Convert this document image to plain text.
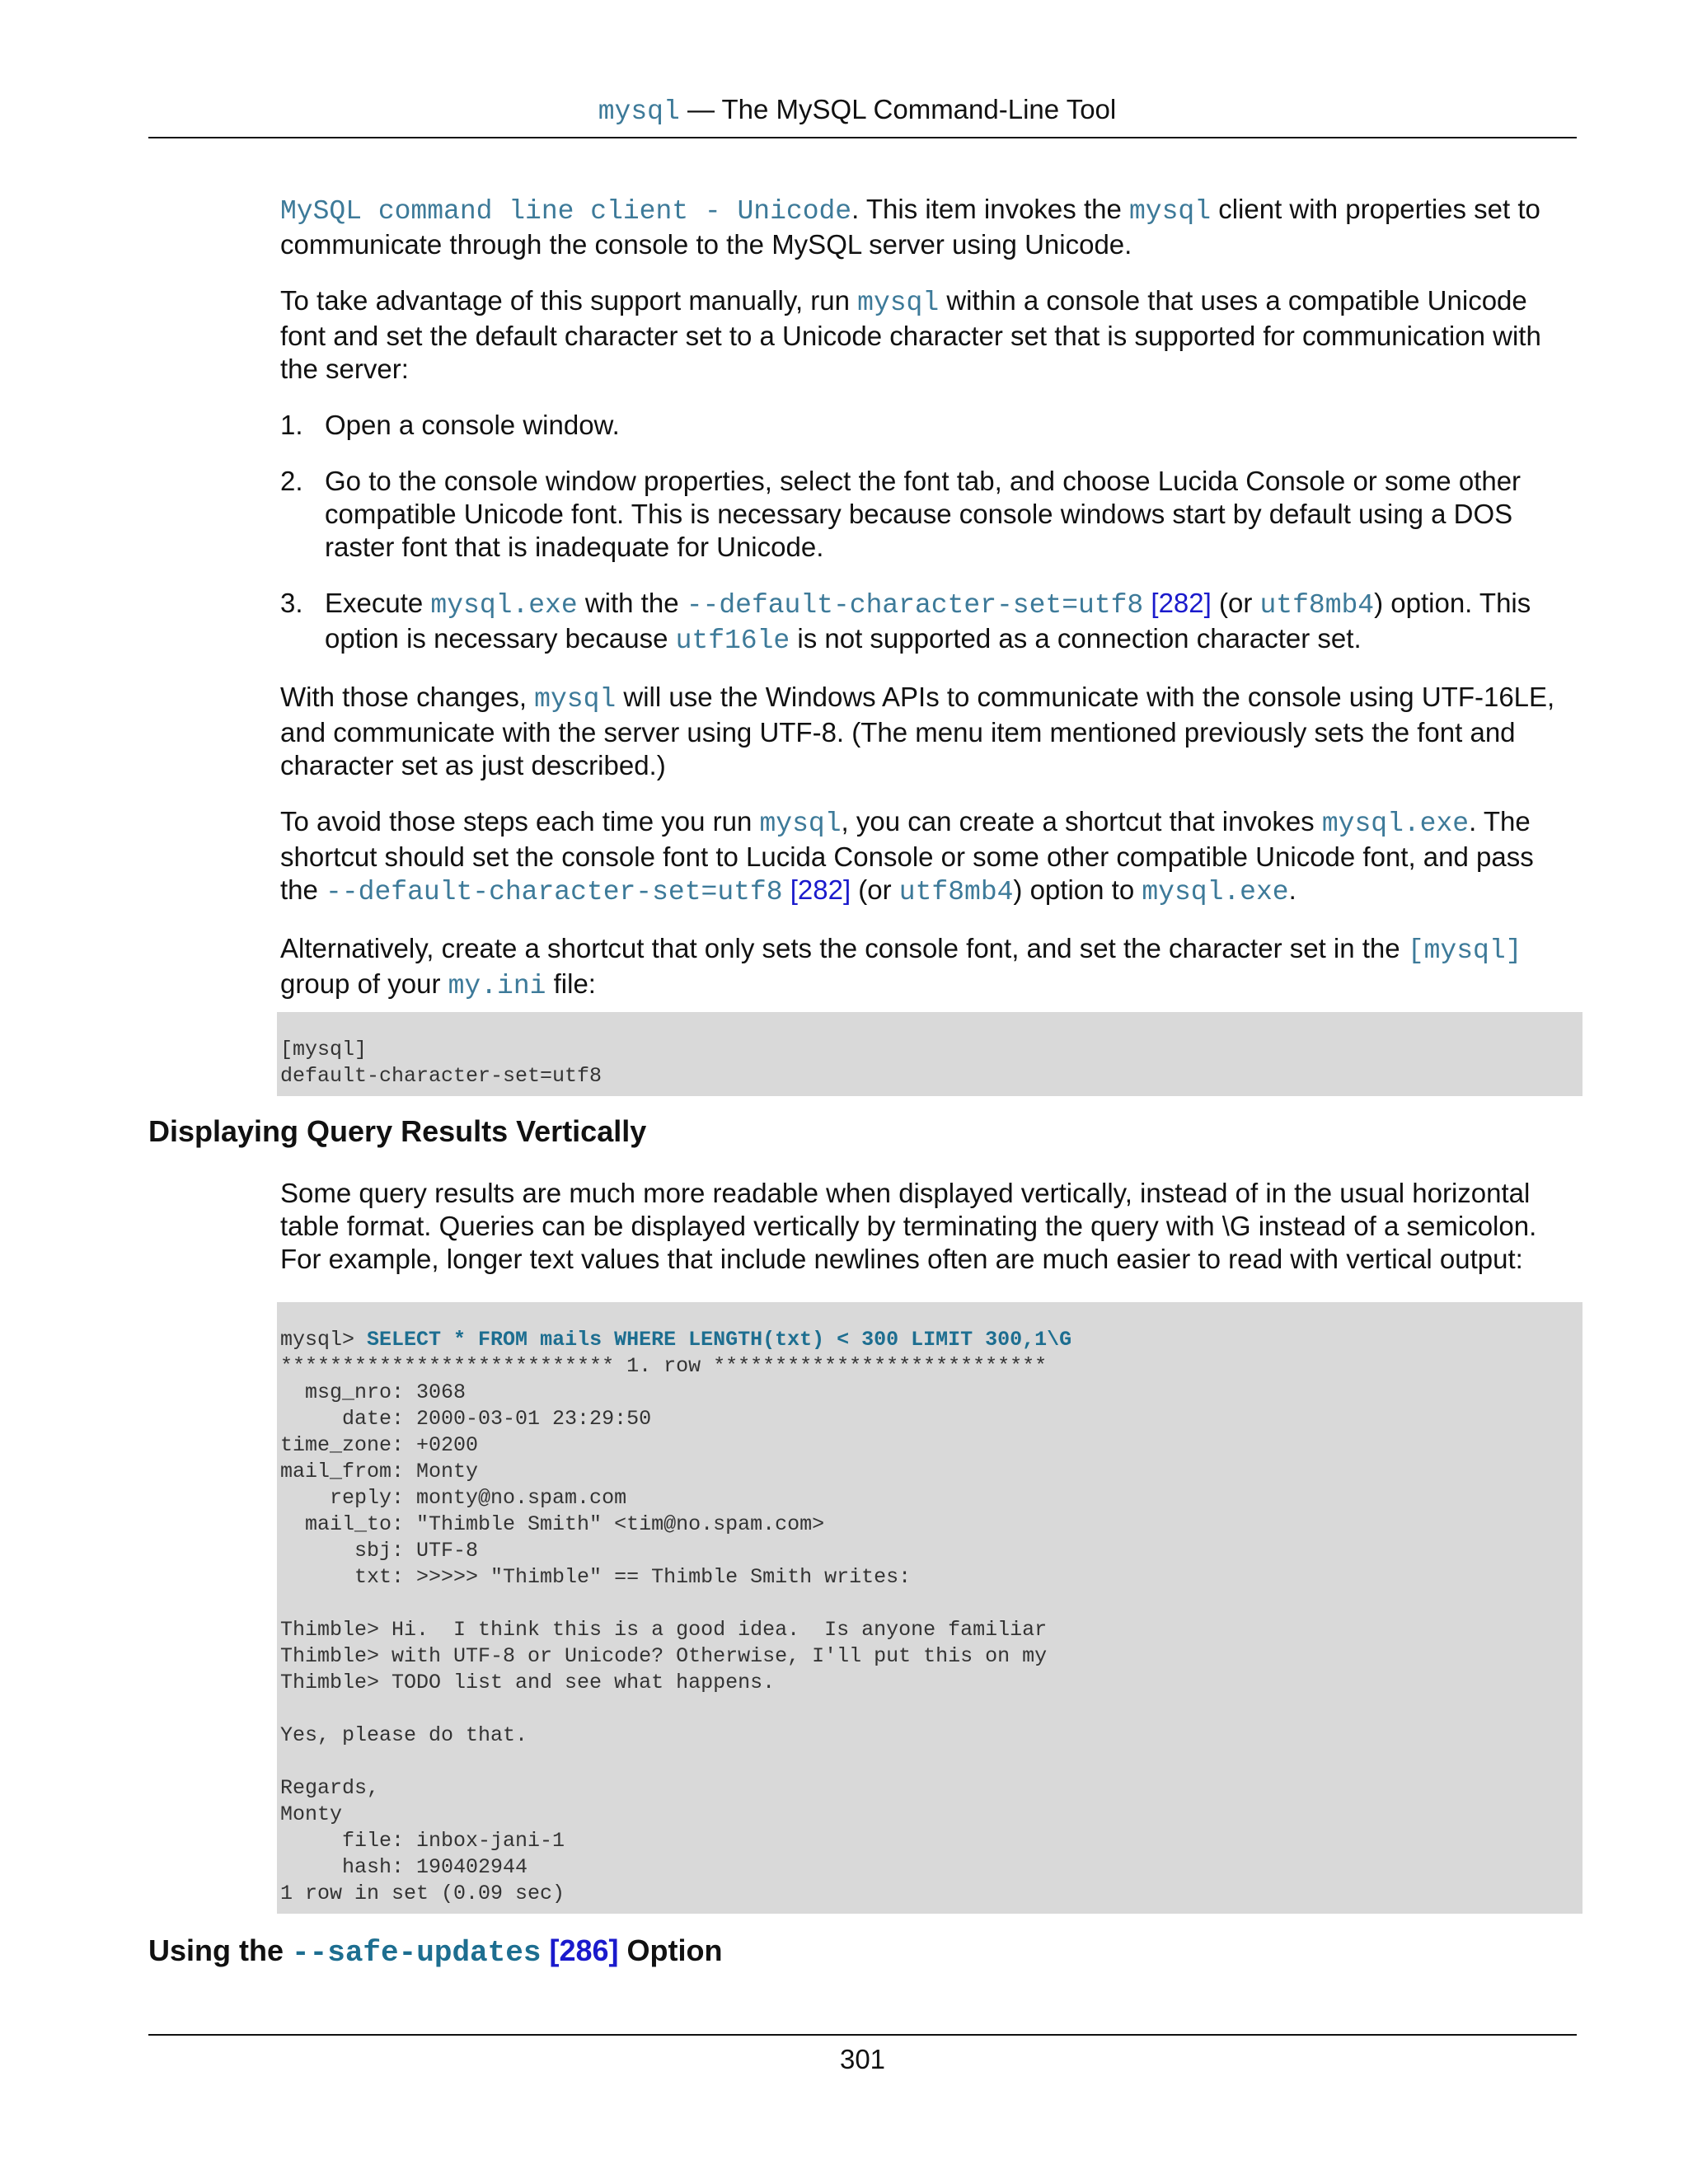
mysql — The MySQL Command-Line Tool

MySQL command line client - Unicode. This item invokes the mysql client with properties set to communicate through the console to the MySQL server using Unicode.

To take advantage of this support manually, run mysql within a console that uses a compatible Unicode font and set the default character set to a Unicode character set that is supported for communication with the server:

1. Open a console window.
2. Go to the console window properties, select the font tab, and choose Lucida Console or some other compatible Unicode font. This is necessary because console windows start by default using a DOS raster font that is inadequate for Unicode.
3. Execute mysql.exe with the --default-character-set=utf8 [282] (or utf8mb4) option. This option is necessary because utf16le is not supported as a connection character set.

With those changes, mysql will use the Windows APIs to communicate with the console using UTF-16LE, and communicate with the server using UTF-8. (The menu item mentioned previously sets the font and character set as just described.)

To avoid those steps each time you run mysql, you can create a shortcut that invokes mysql.exe. The shortcut should set the console font to Lucida Console or some other compatible Unicode font, and pass the --default-character-set=utf8 [282] (or utf8mb4) option to mysql.exe.

Alternatively, create a shortcut that only sets the console font, and set the character set in the [mysql] group of your my.ini file:

[mysql]
default-character-set=utf8
Displaying Query Results Vertically

Some query results are much more readable when displayed vertically, instead of in the usual horizontal table format. Queries can be displayed vertically by terminating the query with \G instead of a semicolon. For example, longer text values that include newlines often are much easier to read with vertical output:

mysql> SELECT * FROM mails WHERE LENGTH(txt) < 300 LIMIT 300,1\G
*************************** 1. row ***************************
msg_nro: 3068
date: 2000-03-01 23:29:50
time_zone: +0200
mail_from: Monty
reply: monty@no.spam.com
mail_to: "Thimble Smith" <tim@no.spam.com>
sbj: UTF-8
txt: >>>>> "Thimble" == Thimble Smith writes:

Thimble> Hi.  I think this is a good idea.  Is anyone familiar
Thimble> with UTF-8 or Unicode? Otherwise, I'll put this on my
Thimble> TODO list and see what happens.

Yes, please do that.

Regards,
Monty
file: inbox-jani-1
hash: 190402944
1 row in set (0.09 sec)
Using the --safe-updates [286] Option
301
